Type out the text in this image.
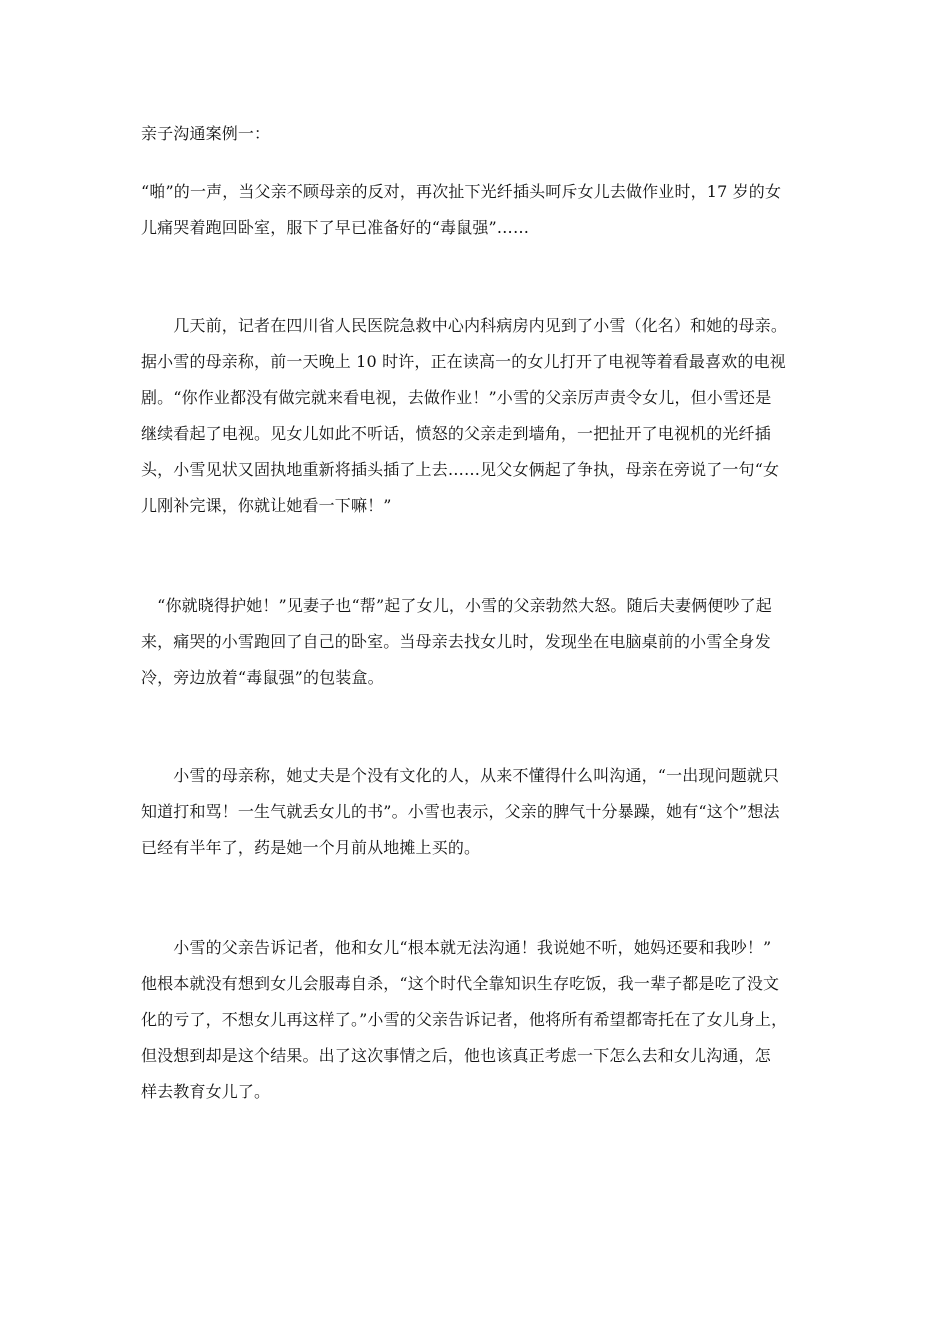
亲子沟通案例一：
“啪”的一声，当父亲不顾母亲的反对，再次扯下光纤插头呵斥女儿去做作业时，17 岁的女
儿痛哭着跑回卧室，服下了早已准备好的“毒鼠强”……
　　几天前，记者在四川省人民医院急救中心内科病房内见到了小雪（化名）和她的母亲。
据小雪的母亲称，前一天晚上 10 时许，正在读高一的女儿打开了电视等着看最喜欢的电视
剧。“你作业都没有做完就来看电视，去做作业！”小雪的父亲厉声责令女儿，但小雪还是
继续看起了电视。见女儿如此不听话，愤怒的父亲走到墙角，一把扯开了电视机的光纤插
头，小雪见状又固执地重新将插头插了上去……见父女俩起了争执，母亲在旁说了一句“女
儿刚补完课，你就让她看一下嘛！”
　“你就晓得护她！”见妻子也“帮”起了女儿，小雪的父亲勃然大怒。随后夫妻俩便吵了起
来，痛哭的小雪跑回了自己的卧室。当母亲去找女儿时，发现坐在电脑桌前的小雪全身发
冷，旁边放着“毒鼠强”的包装盒。
　　小雪的母亲称，她丈夫是个没有文化的人，从来不懂得什么叫沟通，“一出现问题就只
知道打和骂！一生气就丢女儿的书”。小雪也表示，父亲的脾气十分暴躁，她有“这个”想法
已经有半年了，药是她一个月前从地摊上买的。
　　小雪的父亲告诉记者，他和女儿“根本就无法沟通！我说她不听，她妈还要和我吵！”
他根本就没有想到女儿会服毒自杀，“这个时代全靠知识生存吃饭，我一辈子都是吃了没文
化的亏了，不想女儿再这样了。”小雪的父亲告诉记者，他将所有希望都寄托在了女儿身上，
但没想到却是这个结果。出了这次事情之后，他也该真正考虑一下怎么去和女儿沟通，怎
样去教育女儿了。
